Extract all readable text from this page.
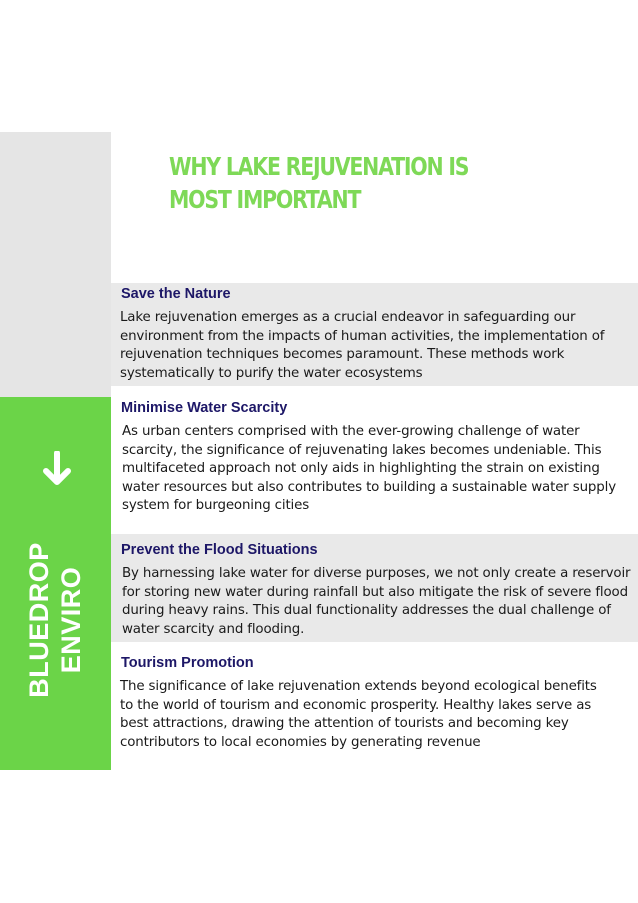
BLUEDROP ENVIRO
WHY LAKE REJUVENATION IS MOST IMPORTANT
Save the Nature

Lake rejuvenation emerges as a crucial endeavor in safeguarding our

environment from the impacts of human activities, the implementation of

rejuvenation techniques becomes paramount. These methods work

systematically to purify the water ecosystems

Minimise Water Scarcity

As urban centers comprised with the ever-growing challenge of water

scarcity, the significance of rejuvenating lakes becomes undeniable. This

multifaceted approach not only aids in highlighting the strain on existing

water resources but also contributes to building a sustainable water supply

system for burgeoning cities

Prevent the Flood Situations

By harnessing lake water for diverse purposes, we not only create a reservoir

for storing new water during rainfall but also mitigate the risk of severe flood

during heavy rains. This dual functionality addresses the dual challenge of

water scarcity and flooding.

Tourism Promotion

The significance of lake rejuvenation extends beyond ecological benefits

to the world of tourism and economic prosperity. Healthy lakes serve as

best attractions, drawing the attention of tourists and becoming key

contributors to local economies by generating revenue
